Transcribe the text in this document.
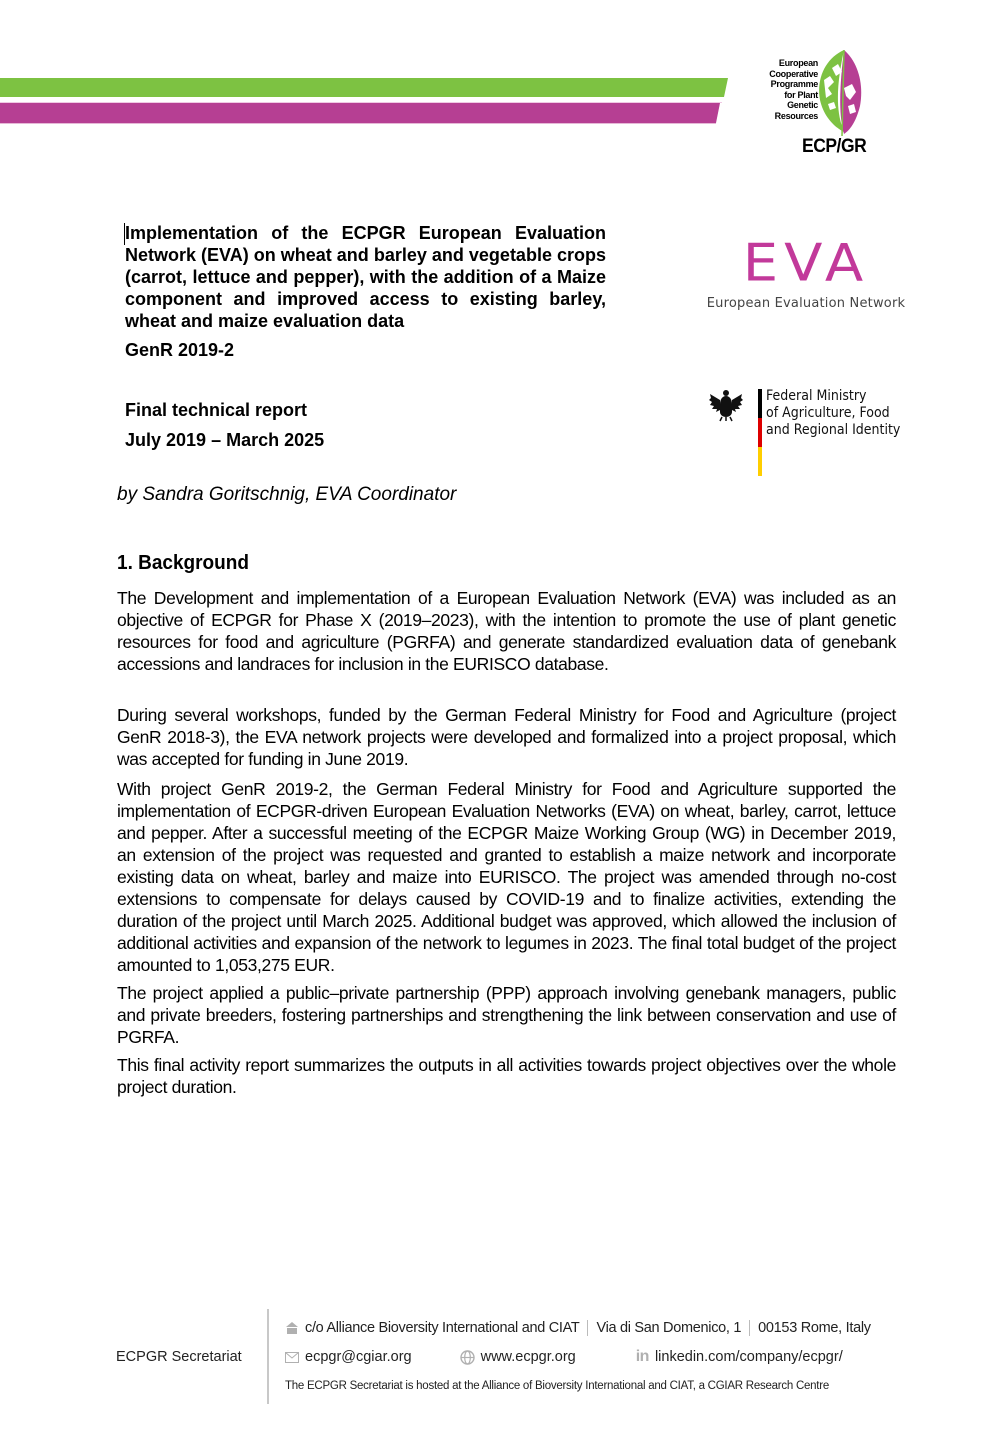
European
Cooperative
Programme
for Plant
Genetic
Resources
ECP/GR
Implementation of the ECPGR European Evaluation Network (EVA) on wheat and barley and vegetable crops (carrot, lettuce and pepper), with the addition of a Maize component and improved access to existing barley, wheat and maize evaluation data
GenR 2019-2
Final technical report
July 2019 – March 2025
by Sandra Goritschnig, EVA Coordinator
EVA
European Evaluation Network
Federal Ministry
of Agriculture, Food
and Regional Identity
1. Background
The Development and implementation of a European Evaluation Network (EVA) was included as an objective of ECPGR for Phase X (2019–2023), with the intention to promote the use of plant genetic resources for food and agriculture (PGRFA) and generate standardized evaluation data of genebank accessions and landraces for inclusion in the EURISCO database.
During several workshops, funded by the German Federal Ministry for Food and Agriculture (project GenR 2018-3), the EVA network projects were developed and formalized into a project proposal, which was accepted for funding in June 2019.
With project GenR 2019-2, the German Federal Ministry for Food and Agriculture supported the implementation of ECPGR-driven European Evaluation Networks (EVA) on wheat, barley, carrot, lettuce and pepper. After a successful meeting of the ECPGR Maize Working Group (WG) in December 2019, an extension of the project was requested and granted to establish a maize network and incorporate existing data on wheat, barley and maize into EURISCO. The project was amended through no-cost extensions to compensate for delays caused by COVID-19 and to finalize activities, extending the duration of the project until March 2025. Additional budget was approved, which allowed the inclusion of additional activities and expansion of the network to legumes in 2023. The final total budget of the project amounted to 1,053,275 EUR.
The project applied a public–private partnership (PPP) approach involving genebank managers, public and private breeders, fostering partnerships and strengthening the link between conservation and use of PGRFA.
This final activity report summarizes the outputs in all activities towards project objectives over the whole project duration.
ECPGR Secretariat
c/o Alliance Bioversity International and CIAT Via di San Domenico, 1 00153 Rome, Italy
ecpgr@cgiar.org	www.ecpgr.org	in linkedin.com/company/ecpgr/
The ECPGR Secretariat is hosted at the Alliance of Bioversity International and CIAT, a CGIAR Research Centre
